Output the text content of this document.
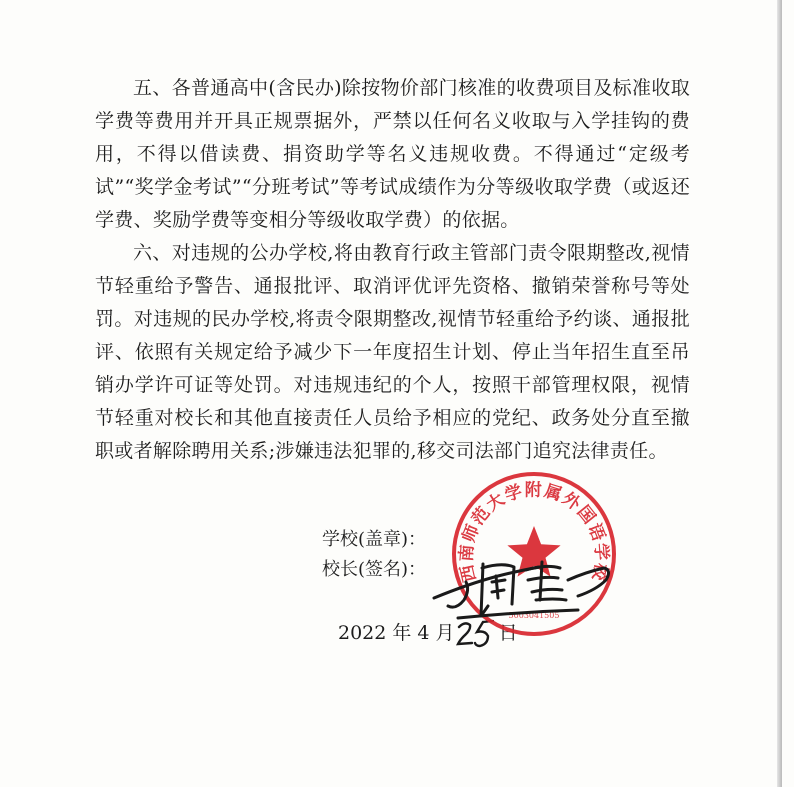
五、各普通高中(含民办)除按物价部门核准的收费项目及标准收取学费等费用并开具正规票据外，严禁以任何名义收取与入学挂钩的费用，不得以借读费、捐资助学等名义违规收费。不得通过“定级考试”“奖学金考试”“分班考试”等考试成绩作为分等级收取学费（或返还学费、奖励学费等变相分等级收取学费）的依据。

六、对违规的公办学校,将由教育行政主管部门责令限期整改,视情节轻重给予警告、通报批评、取消评优评先资格、撤销荣誉称号等处罚。对违规的民办学校,将责令限期整改,视情节轻重给予约谈、通报批评、依照有关规定给予减少下一年度招生计划、停止当年招生直至吊销办学许可证等处罚。对违规违纪的个人，按照干部管理权限，视情节轻重对校长和其他直接责任人员给予相应的党纪、政务处分直至撤职或者解除聘用关系;涉嫌违法犯罪的,移交司法部门追究法律责任。

学校(盖章)：
校长(签名)：
2022 年 4 月 日
西南师范大学附属外国语学校
5003041505
